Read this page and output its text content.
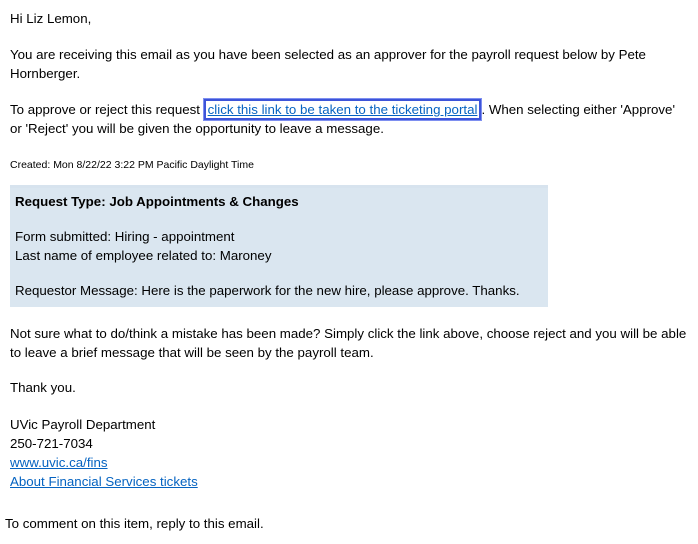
Hi Liz Lemon,

You are receiving this email as you have been selected as an approver for the payroll request below by Pete Hornberger.

To approve or reject this request click this link to be taken to the ticketing portal . When selecting either 'Approve' or 'Reject' you will be given the opportunity to leave a message.

Created: Mon 8/22/22 3:22 PM Pacific Daylight Time

Request Type: Job Appointments & Changes

Form submitted: Hiring - appointment

Last name of employee related to: Maroney

Requestor Message: Here is the paperwork for the new hire, please approve. Thanks.

Not sure what to do/think a mistake has been made? Simply click the link above, choose reject and you will be able to leave a brief message that will be seen by the payroll team.

Thank you.

UVic Payroll Department

250-721-7034

www.uvic.ca/fins

About Financial Services tickets

To comment on this item, reply to this email.
